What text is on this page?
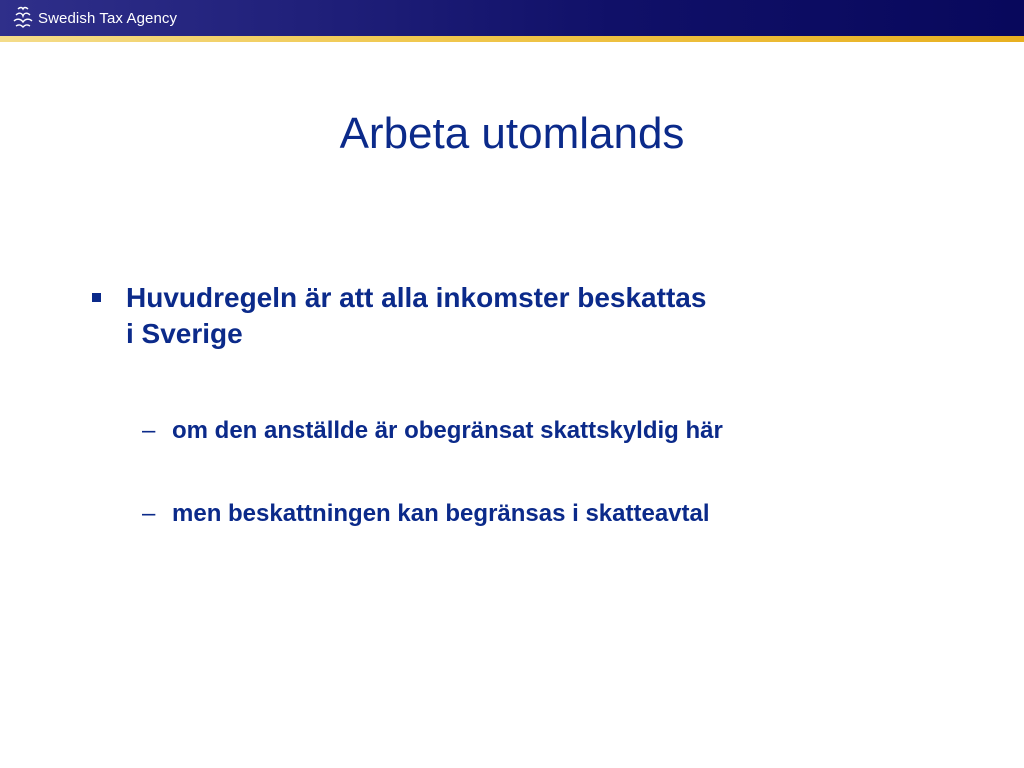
Swedish Tax Agency
Arbeta utomlands
Huvudregeln är att alla inkomster beskattas
i Sverige
– om den anställde är obegränsat skattskyldig här
– men beskattningen kan begränsas i skatteavtal
